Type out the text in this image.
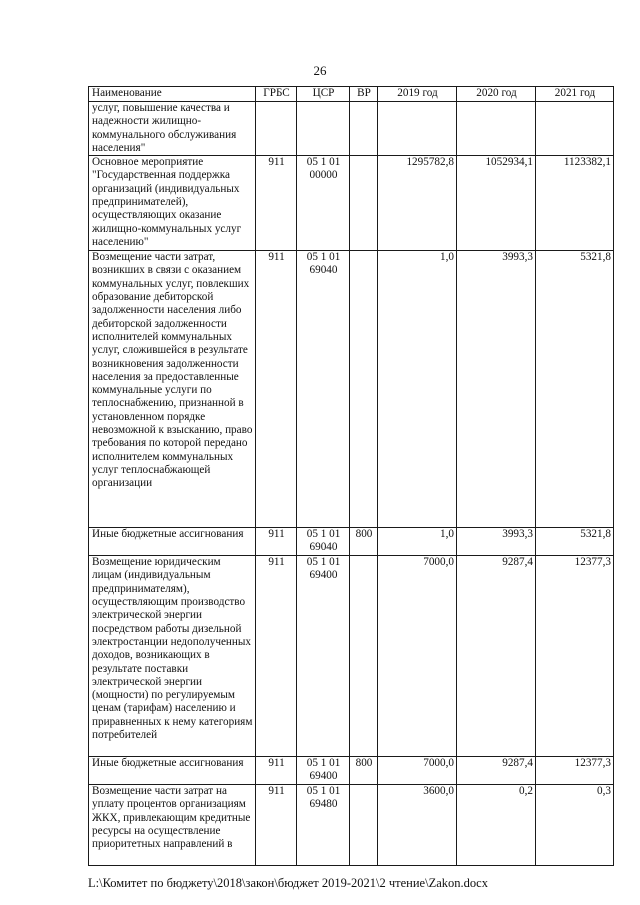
26
Наименование	ГРБС	ЦСР	ВР	2019 год	2020 год	2021 год
услуг, повышение качества и надежности жилищно-коммунального обслуживания населения"						
Основное мероприятие "Государственная поддержка организаций (индивидуальных предпринимателей), осуществляющих оказание жилищно-коммунальных услуг населению"	911	05 1 01 00000		1295782,8	1052934,1	1123382,1
Возмещение части затрат, возникших в связи с оказанием коммунальных услуг, повлекших образование дебиторской задолженности населения либо дебиторской задолженности исполнителей коммунальных услуг, сложившейся в результате возникновения задолженности населения за предоставленные коммунальные услуги по теплоснабжению, признанной в установленном порядке невозможной к взысканию, право требования по которой передано исполнителем коммунальных услуг теплоснабжающей организации	911	05 1 01 69040		1,0	3993,3	5321,8
Иные бюджетные ассигнования	911	05 1 01 69040	800	1,0	3993,3	5321,8
Возмещение юридическим лицам (индивидуальным предпринимателям), осуществляющим производство электрической энергии посредством работы дизельной электростанции недополученных доходов, возникающих в результате поставки электрической энергии (мощности) по регулируемым ценам (тарифам) населению и приравненных к нему категориям потребителей	911	05 1 01 69400		7000,0	9287,4	12377,3
Иные бюджетные ассигнования	911	05 1 01 69400	800	7000,0	9287,4	12377,3
Возмещение части затрат на уплату процентов организациям ЖКХ, привлекающим кредитные ресурсы на осуществление приоритетных направлений в	911	05 1 01 69480		3600,0	0,2	0,3
L:\Комитет по бюджету\2018\закон\бюджет 2019-2021\2 чтение\Zakon.docx
